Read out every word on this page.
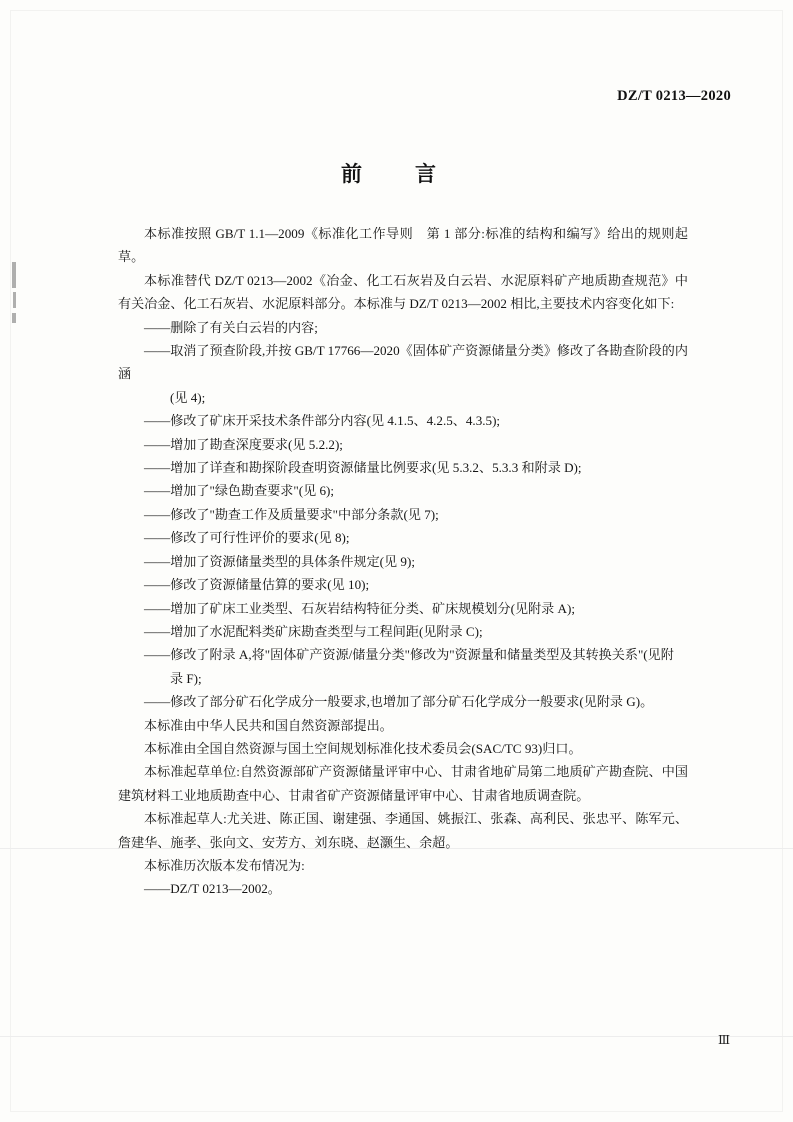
DZ/T 0213—2020
前　言

本标准按照 GB/T 1.1—2009《标准化工作导则　第 1 部分:标准的结构和编写》给出的规则起草。

本标准替代 DZ/T 0213—2002《冶金、化工石灰岩及白云岩、水泥原料矿产地质勘查规范》中有关冶金、化工石灰岩、水泥原料部分。本标准与 DZ/T 0213—2002 相比,主要技术内容变化如下:

——删除了有关白云岩的内容;

——取消了预查阶段,并按 GB/T 17766—2020《固体矿产资源储量分类》修改了各勘查阶段的内涵

(见 4);

——修改了矿床开采技术条件部分内容(见 4.1.5、4.2.5、4.3.5);

——增加了勘查深度要求(见 5.2.2);

——增加了详查和勘探阶段查明资源储量比例要求(见 5.3.2、5.3.3 和附录 D);

——增加了"绿色勘查要求"(见 6);

——修改了"勘查工作及质量要求"中部分条款(见 7);

——修改了可行性评价的要求(见 8);

——增加了资源储量类型的具体条件规定(见 9);

——修改了资源储量估算的要求(见 10);

——增加了矿床工业类型、石灰岩结构特征分类、矿床规模划分(见附录 A);

——增加了水泥配料类矿床勘查类型与工程间距(见附录 C);

——修改了附录 A,将"固体矿产资源/储量分类"修改为"资源量和储量类型及其转换关系"(见附

录 F);

——修改了部分矿石化学成分一般要求,也增加了部分矿石化学成分一般要求(见附录 G)。

本标准由中华人民共和国自然资源部提出。

本标准由全国自然资源与国土空间规划标准化技术委员会(SAC/TC 93)归口。

本标准起草单位:自然资源部矿产资源储量评审中心、甘肃省地矿局第二地质矿产勘查院、中国建筑材料工业地质勘查中心、甘肃省矿产资源储量评审中心、甘肃省地质调查院。

本标准起草人:尤关进、陈正国、谢建强、李通国、姚振江、张森、高利民、张忠平、陈军元、詹建华、施孝、张向文、安芳方、刘东晓、赵灏生、余超。

本标准历次版本发布情况为:

——DZ/T 0213—2002。

Ⅲ
